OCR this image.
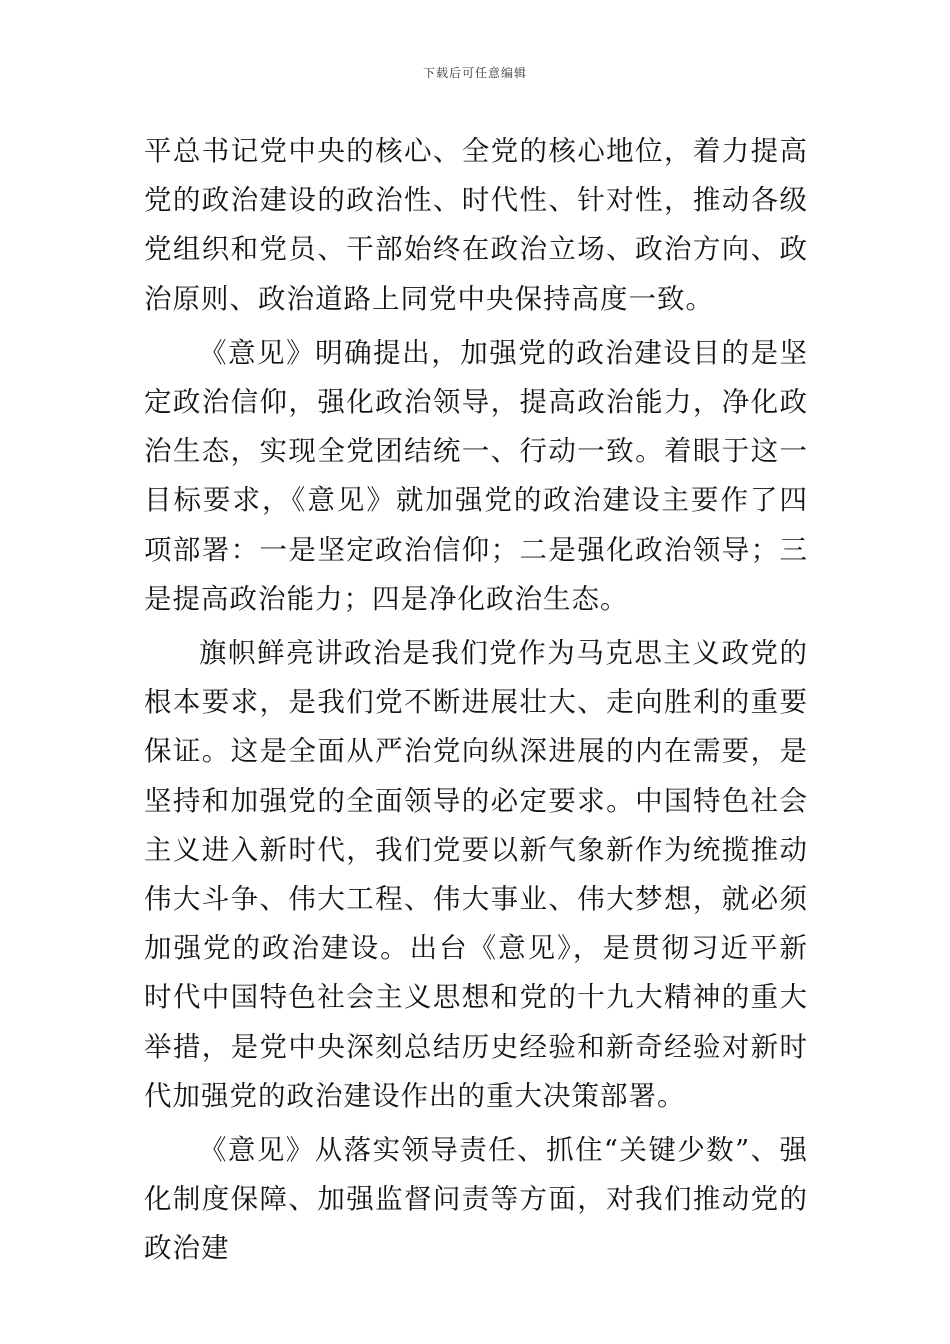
下载后可任意编辑

平总书记党中央的核心、全党的核心地位，着力提高党的政治建设的政治性、时代性、针对性，推动各级党组织和党员、干部始终在政治立场、政治方向、政治原则、政治道路上同党中央保持高度一致。

《意见》明确提出，加强党的政治建设目的是坚定政治信仰，强化政治领导，提高政治能力，净化政治生态，实现全党团结统一、行动一致。着眼于这一目标要求，《意见》就加强党的政治建设主要作了四项部署：一是坚定政治信仰；二是强化政治领导；三是提高政治能力；四是净化政治生态。

旗帜鲜亮讲政治是我们党作为马克思主义政党的根本要求，是我们党不断进展壮大、走向胜利的重要保证。这是全面从严治党向纵深进展的内在需要，是坚持和加强党的全面领导的必定要求。中国特色社会主义进入新时代，我们党要以新气象新作为统揽推动伟大斗争、伟大工程、伟大事业、伟大梦想，就必须加强党的政治建设。出台《意见》，是贯彻习近平新时代中国特色社会主义思想和党的十九大精神的重大举措，是党中央深刻总结历史经验和新奇经验对新时代加强党的政治建设作出的重大决策部署。

《意见》从落实领导责任、抓住“关键少数”、强化制度保障、加强监督问责等方面，对我们推动党的政治建
